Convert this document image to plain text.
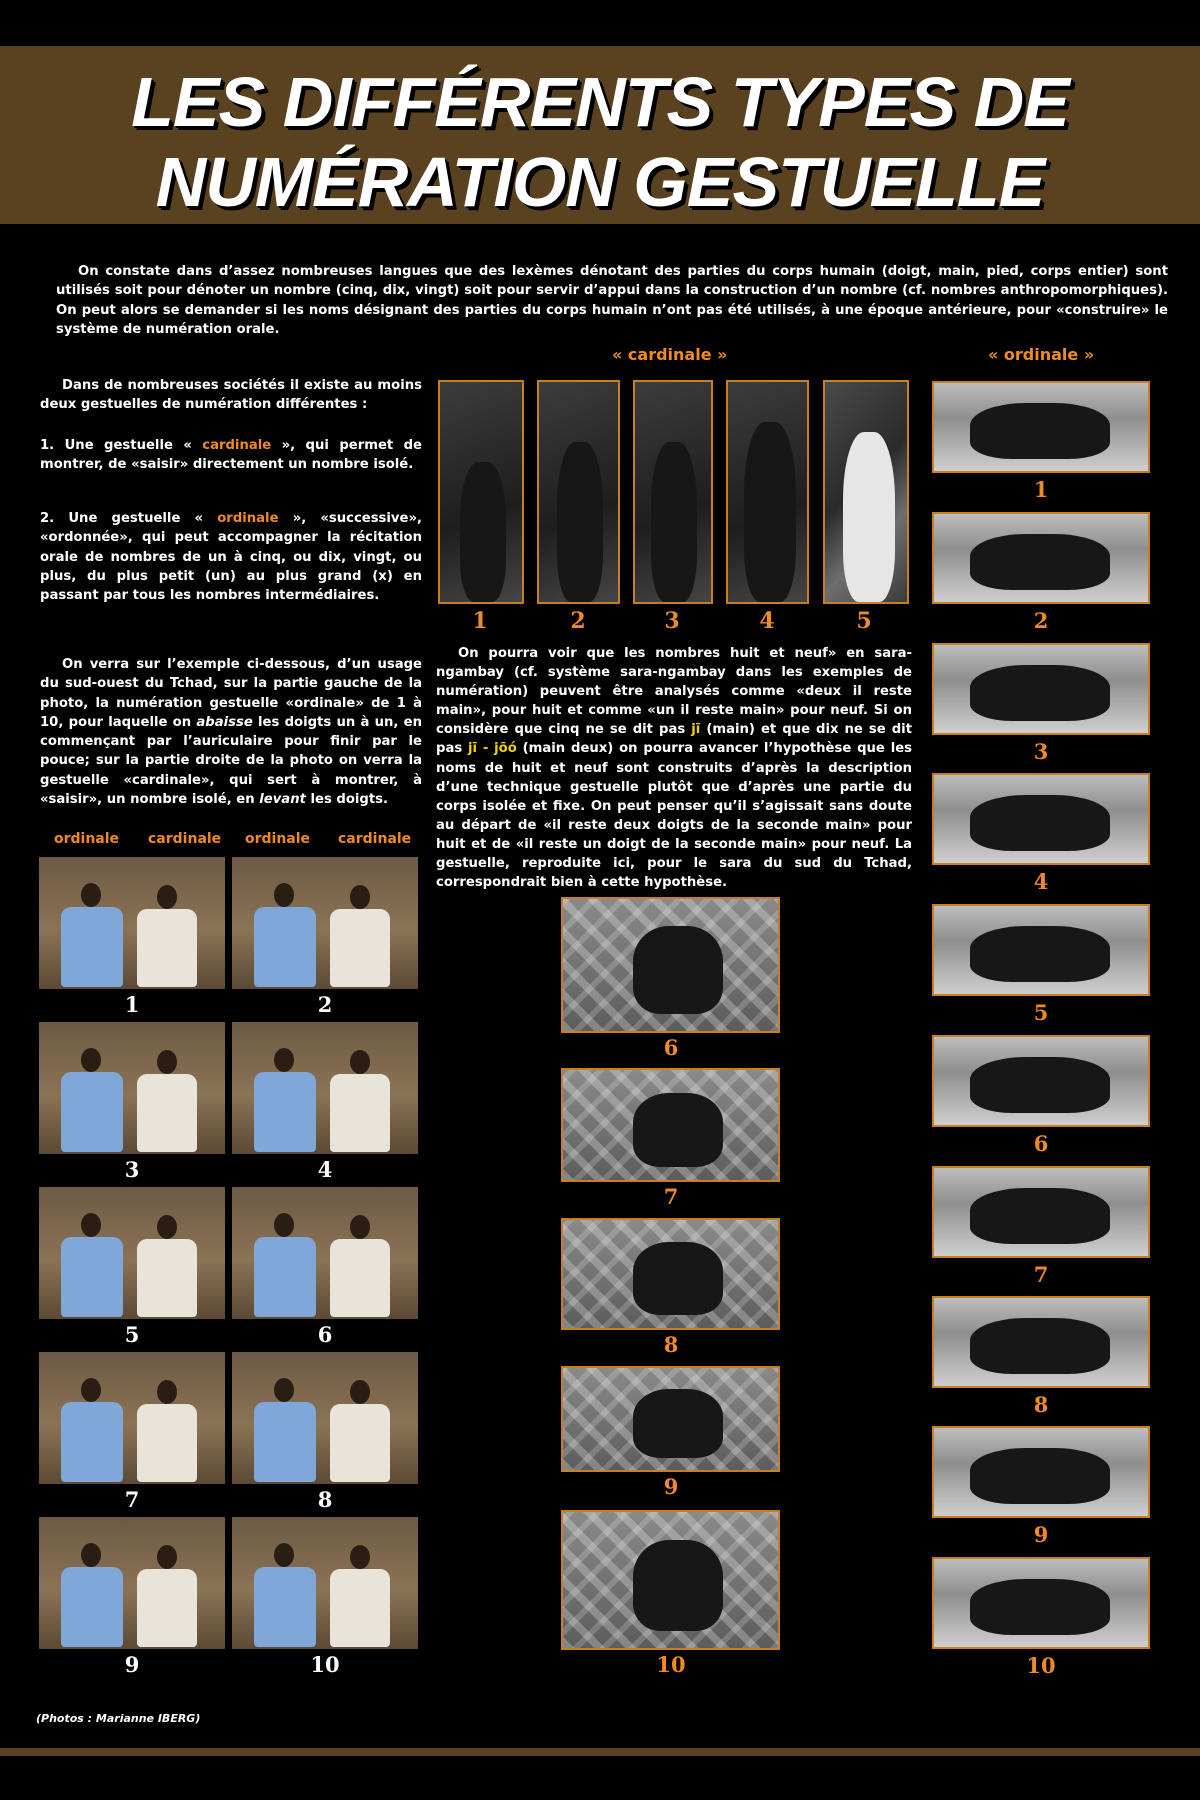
LES DIFFÉRENTS TYPES DE
NUMÉRATION GESTUELLE
On constate dans d’assez nombreuses langues que des lexèmes dénotant des parties du corps humain (doigt, main, pied, corps entier) sont utilisés soit pour dénoter un nombre (cinq, dix, vingt) soit pour servir d’appui dans la construction d’un nombre (cf. nombres anthropomorphiques). On peut alors se demander si les noms désignant des parties du corps humain n’ont pas été utilisés, à une époque antérieure, pour «construire» le système de numération orale.
Dans de nombreuses sociétés il existe au moins deux gestuelles de numération différentes :
1. Une gestuelle « cardinale », qui permet de montrer, de «saisir» directement un nombre isolé.
2. Une gestuelle « ordinale », «successive», «ordonnée», qui peut accompagner la récitation orale de nombres de un à cinq, ou dix, vingt, ou plus, du plus petit (un) au plus grand (x) en passant par tous les nombres intermédiaires.
On verra sur l’exemple ci-dessous, d’un usage du sud-ouest du Tchad, sur la partie gauche de la photo, la numération gestuelle «ordinale» de 1 à 10, pour laquelle on abaisse les doigts un à un, en commençant par l’auriculaire pour finir par le pouce; sur la partie droite de la photo on verra la gestuelle «cardinale», qui sert à montrer, à «saisir», un nombre isolé, en levant les doigts.
ordinale cardinale ordinale cardinale
1	2
3	4
5	6
7	8
9	10
« cardinale »	« ordinale »
1	2	3	4	5
On pourra voir que les nombres huit et neuf» en sara-ngambay (cf. système sara-ngambay dans les exemples de numération) peuvent être analysés comme «deux il reste main», pour huit et comme «un il reste main» pour neuf. Si on considère que cinq ne se dit pas jī (main) et que dix ne se dit pas jī - jōó (main deux) on pourra avancer l’hypothèse que les noms de huit et neuf sont construits d’après la description d’une technique gestuelle plutôt que d’après une partie du corps isolée et fixe. On peut penser qu’il s’agissait sans doute au départ de «il reste deux doigts de la seconde main» pour huit et de «il reste un doigt de la seconde main» pour neuf. La gestuelle, reproduite ici, pour le sara du sud du Tchad, correspondrait bien à cette hypothèse.
6
7
8
9
10
1
2
3
4
5
6
7
8
9
10
(Photos : Marianne IBERG)
